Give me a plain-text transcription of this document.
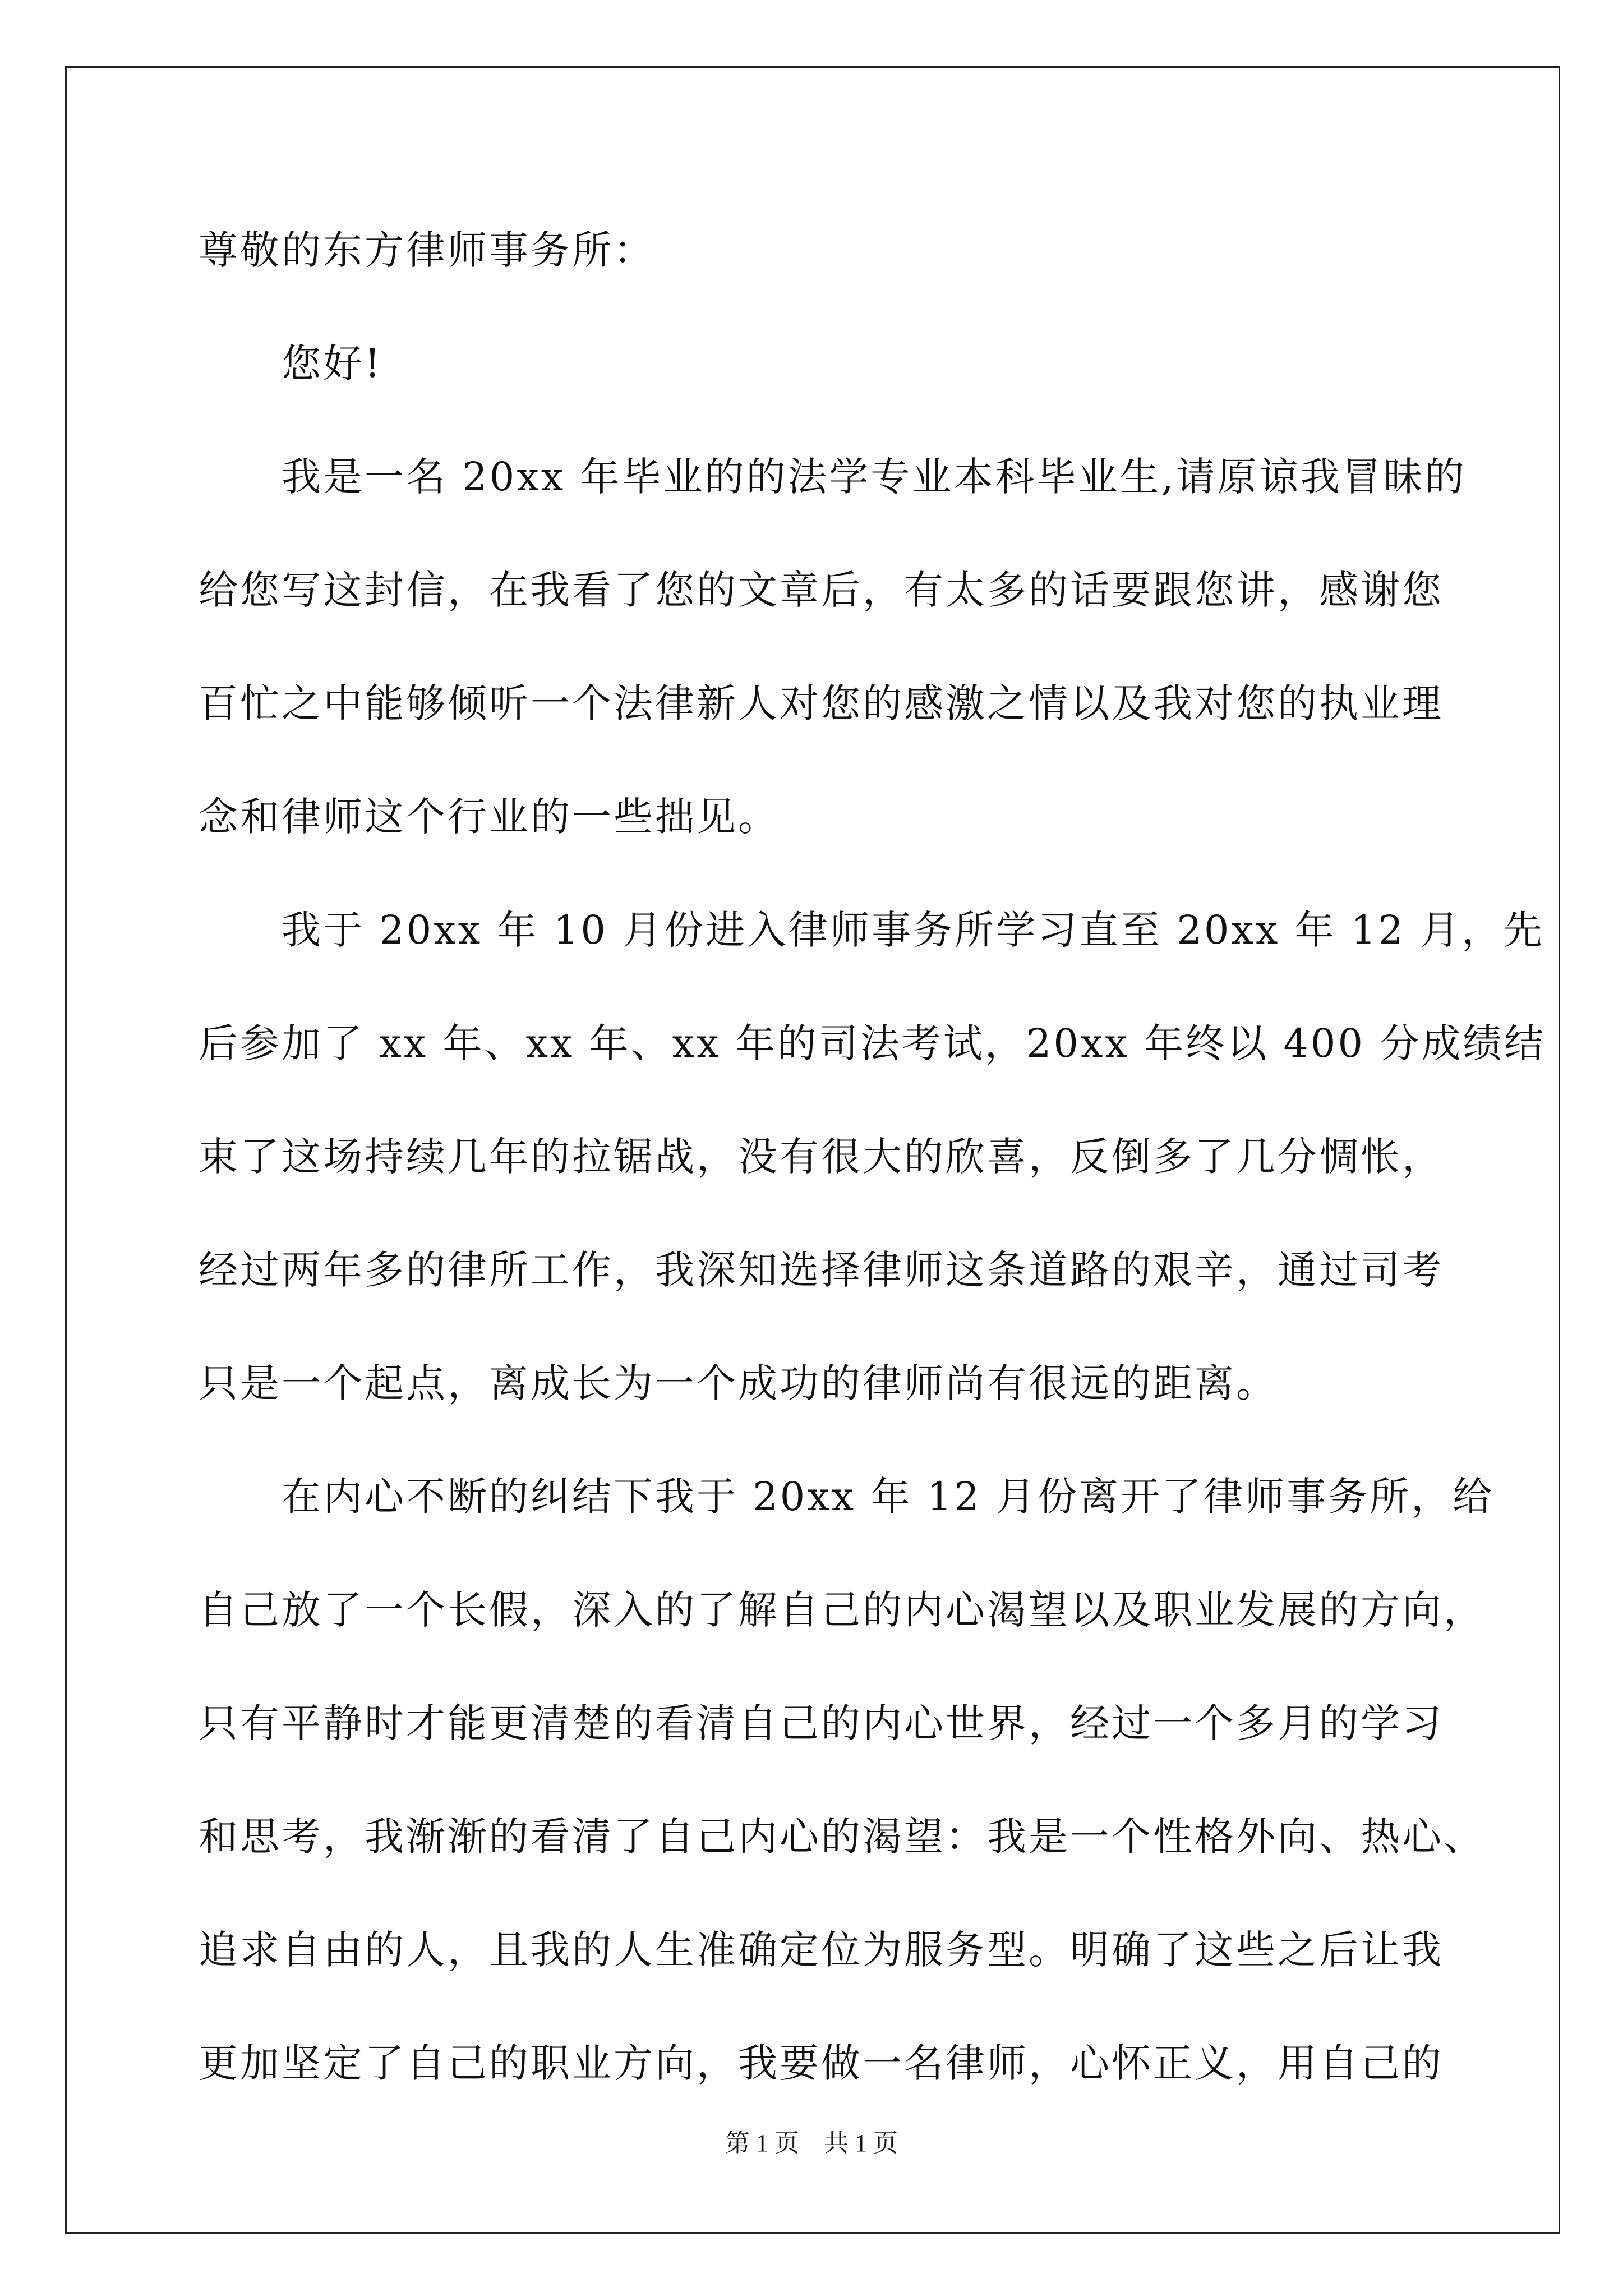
尊敬的东方律师事务所：
您好!
我是一名 20xx 年毕业的的法学专业本科毕业生,请原谅我冒昧的
给您写这封信，在我看了您的文章后，有太多的话要跟您讲，感谢您
百忙之中能够倾听一个法律新人对您的感激之情以及我对您的执业理
念和律师这个行业的一些拙见。
我于 20xx 年 10 月份进入律师事务所学习直至 20xx 年 12 月，先
后参加了 xx 年、xx 年、xx 年的司法考试，20xx 年终以 400 分成绩结
束了这场持续几年的拉锯战，没有很大的欣喜，反倒多了几分惆怅，
经过两年多的律所工作，我深知选择律师这条道路的艰辛，通过司考
只是一个起点，离成长为一个成功的律师尚有很远的距离。
在内心不断的纠结下我于 20xx 年 12 月份离开了律师事务所，给
自己放了一个长假，深入的了解自己的内心渴望以及职业发展的方向，
只有平静时才能更清楚的看清自己的内心世界，经过一个多月的学习
和思考，我渐渐的看清了自己内心的渴望：我是一个性格外向、热心、
追求自由的人，且我的人生准确定位为服务型。明确了这些之后让我
更加坚定了自己的职业方向，我要做一名律师，心怀正义，用自己的
第 1 页 共 1 页
